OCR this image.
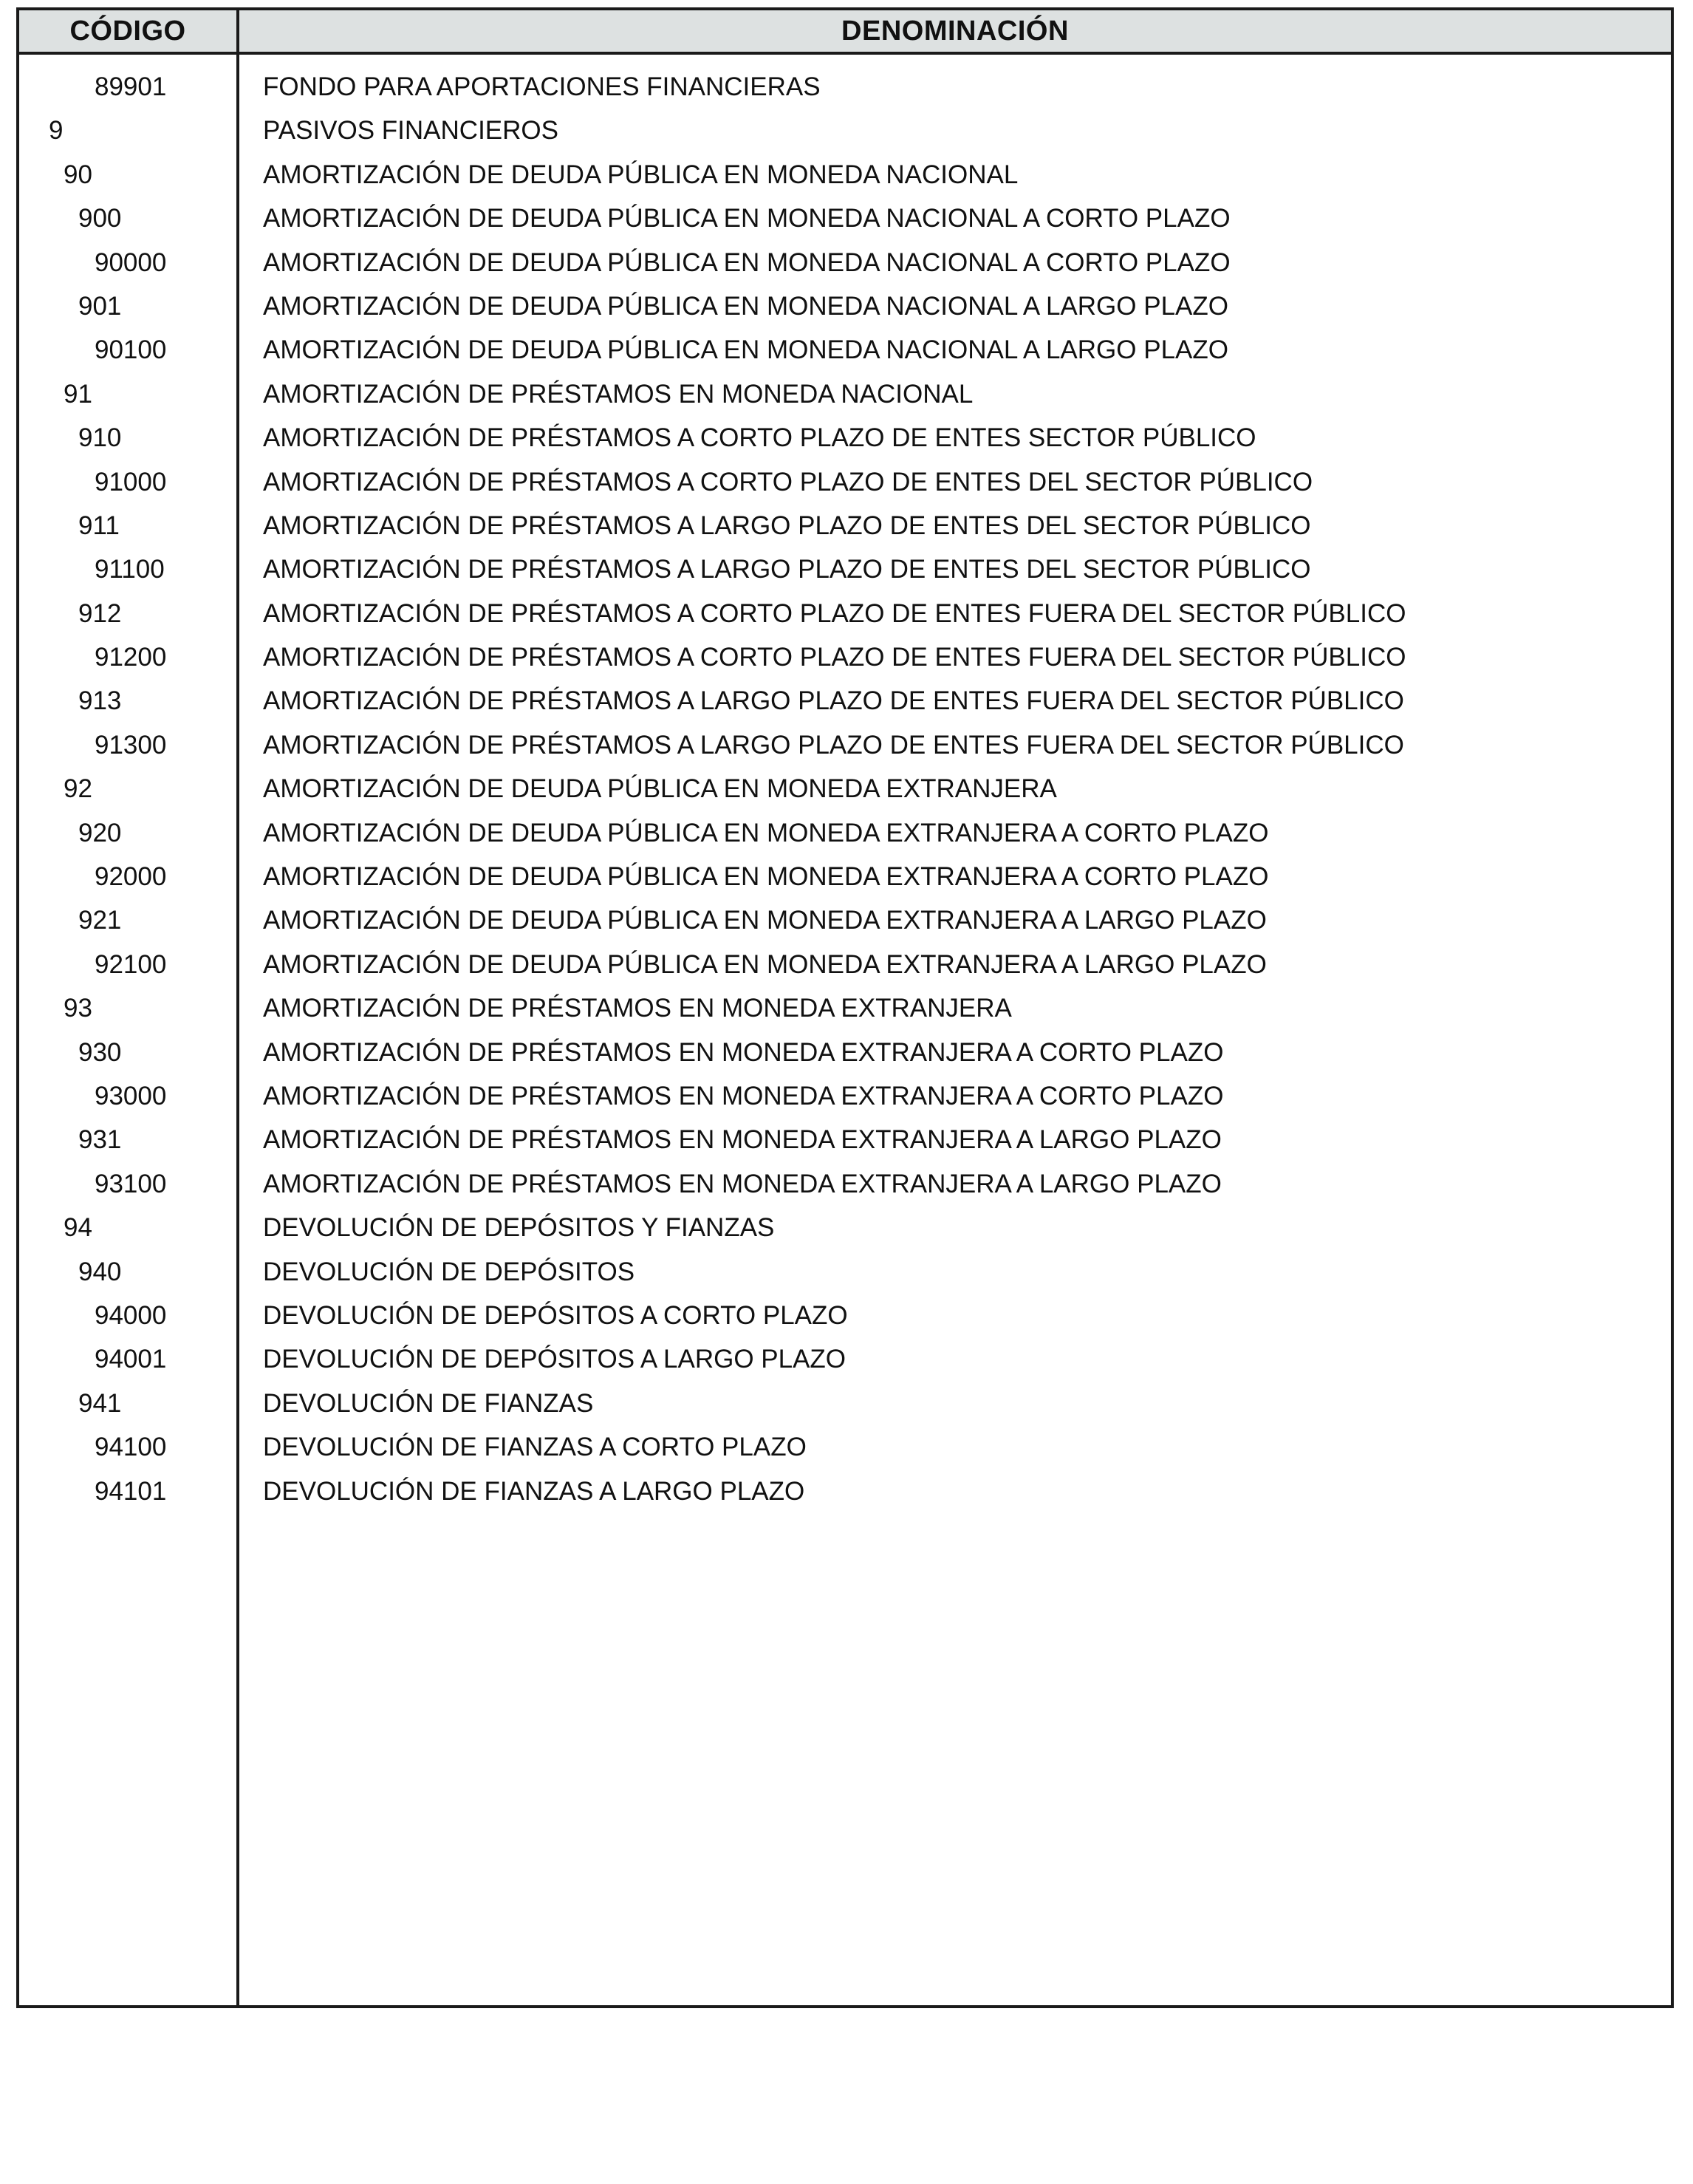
CÓDIGO	DENOMINACIÓN
89901	FONDO PARA APORTACIONES FINANCIERAS
9	PASIVOS FINANCIEROS
90	AMORTIZACIÓN DE DEUDA PÚBLICA EN MONEDA NACIONAL
900	AMORTIZACIÓN DE DEUDA PÚBLICA EN MONEDA NACIONAL A CORTO PLAZO
90000	AMORTIZACIÓN DE DEUDA PÚBLICA EN MONEDA NACIONAL A CORTO PLAZO
901	AMORTIZACIÓN DE DEUDA PÚBLICA EN MONEDA NACIONAL A LARGO PLAZO
90100	AMORTIZACIÓN DE DEUDA PÚBLICA EN MONEDA NACIONAL A LARGO PLAZO
91	AMORTIZACIÓN DE PRÉSTAMOS EN MONEDA NACIONAL
910	AMORTIZACIÓN DE PRÉSTAMOS A CORTO PLAZO DE ENTES SECTOR PÚBLICO
91000	AMORTIZACIÓN DE PRÉSTAMOS A CORTO PLAZO DE ENTES DEL SECTOR PÚBLICO
911	AMORTIZACIÓN DE PRÉSTAMOS A LARGO PLAZO DE ENTES DEL SECTOR PÚBLICO
91100	AMORTIZACIÓN DE PRÉSTAMOS A LARGO PLAZO DE ENTES DEL SECTOR PÚBLICO
912	AMORTIZACIÓN DE PRÉSTAMOS A CORTO PLAZO DE ENTES FUERA DEL SECTOR PÚBLICO
91200	AMORTIZACIÓN DE PRÉSTAMOS A CORTO PLAZO DE ENTES FUERA DEL SECTOR PÚBLICO
913	AMORTIZACIÓN DE PRÉSTAMOS A LARGO PLAZO DE ENTES FUERA DEL SECTOR PÚBLICO
91300	AMORTIZACIÓN DE PRÉSTAMOS A LARGO PLAZO DE ENTES FUERA DEL SECTOR PÚBLICO
92	AMORTIZACIÓN DE DEUDA PÚBLICA EN MONEDA EXTRANJERA
920	AMORTIZACIÓN DE DEUDA PÚBLICA EN MONEDA EXTRANJERA A CORTO PLAZO
92000	AMORTIZACIÓN DE DEUDA PÚBLICA EN MONEDA EXTRANJERA A CORTO PLAZO
921	AMORTIZACIÓN DE DEUDA PÚBLICA EN MONEDA EXTRANJERA A LARGO PLAZO
92100	AMORTIZACIÓN DE DEUDA PÚBLICA EN MONEDA EXTRANJERA A LARGO PLAZO
93	AMORTIZACIÓN DE PRÉSTAMOS EN MONEDA EXTRANJERA
930	AMORTIZACIÓN DE PRÉSTAMOS EN MONEDA EXTRANJERA A CORTO PLAZO
93000	AMORTIZACIÓN DE PRÉSTAMOS EN MONEDA EXTRANJERA A CORTO PLAZO
931	AMORTIZACIÓN DE PRÉSTAMOS EN MONEDA EXTRANJERA A LARGO PLAZO
93100	AMORTIZACIÓN DE PRÉSTAMOS EN MONEDA EXTRANJERA A LARGO PLAZO
94	DEVOLUCIÓN DE DEPÓSITOS Y FIANZAS
940	DEVOLUCIÓN DE DEPÓSITOS
94000	DEVOLUCIÓN DE DEPÓSITOS A CORTO PLAZO
94001	DEVOLUCIÓN DE DEPÓSITOS A LARGO PLAZO
941	DEVOLUCIÓN DE FIANZAS
94100	DEVOLUCIÓN DE FIANZAS A CORTO PLAZO
94101	DEVOLUCIÓN DE FIANZAS A LARGO PLAZO
